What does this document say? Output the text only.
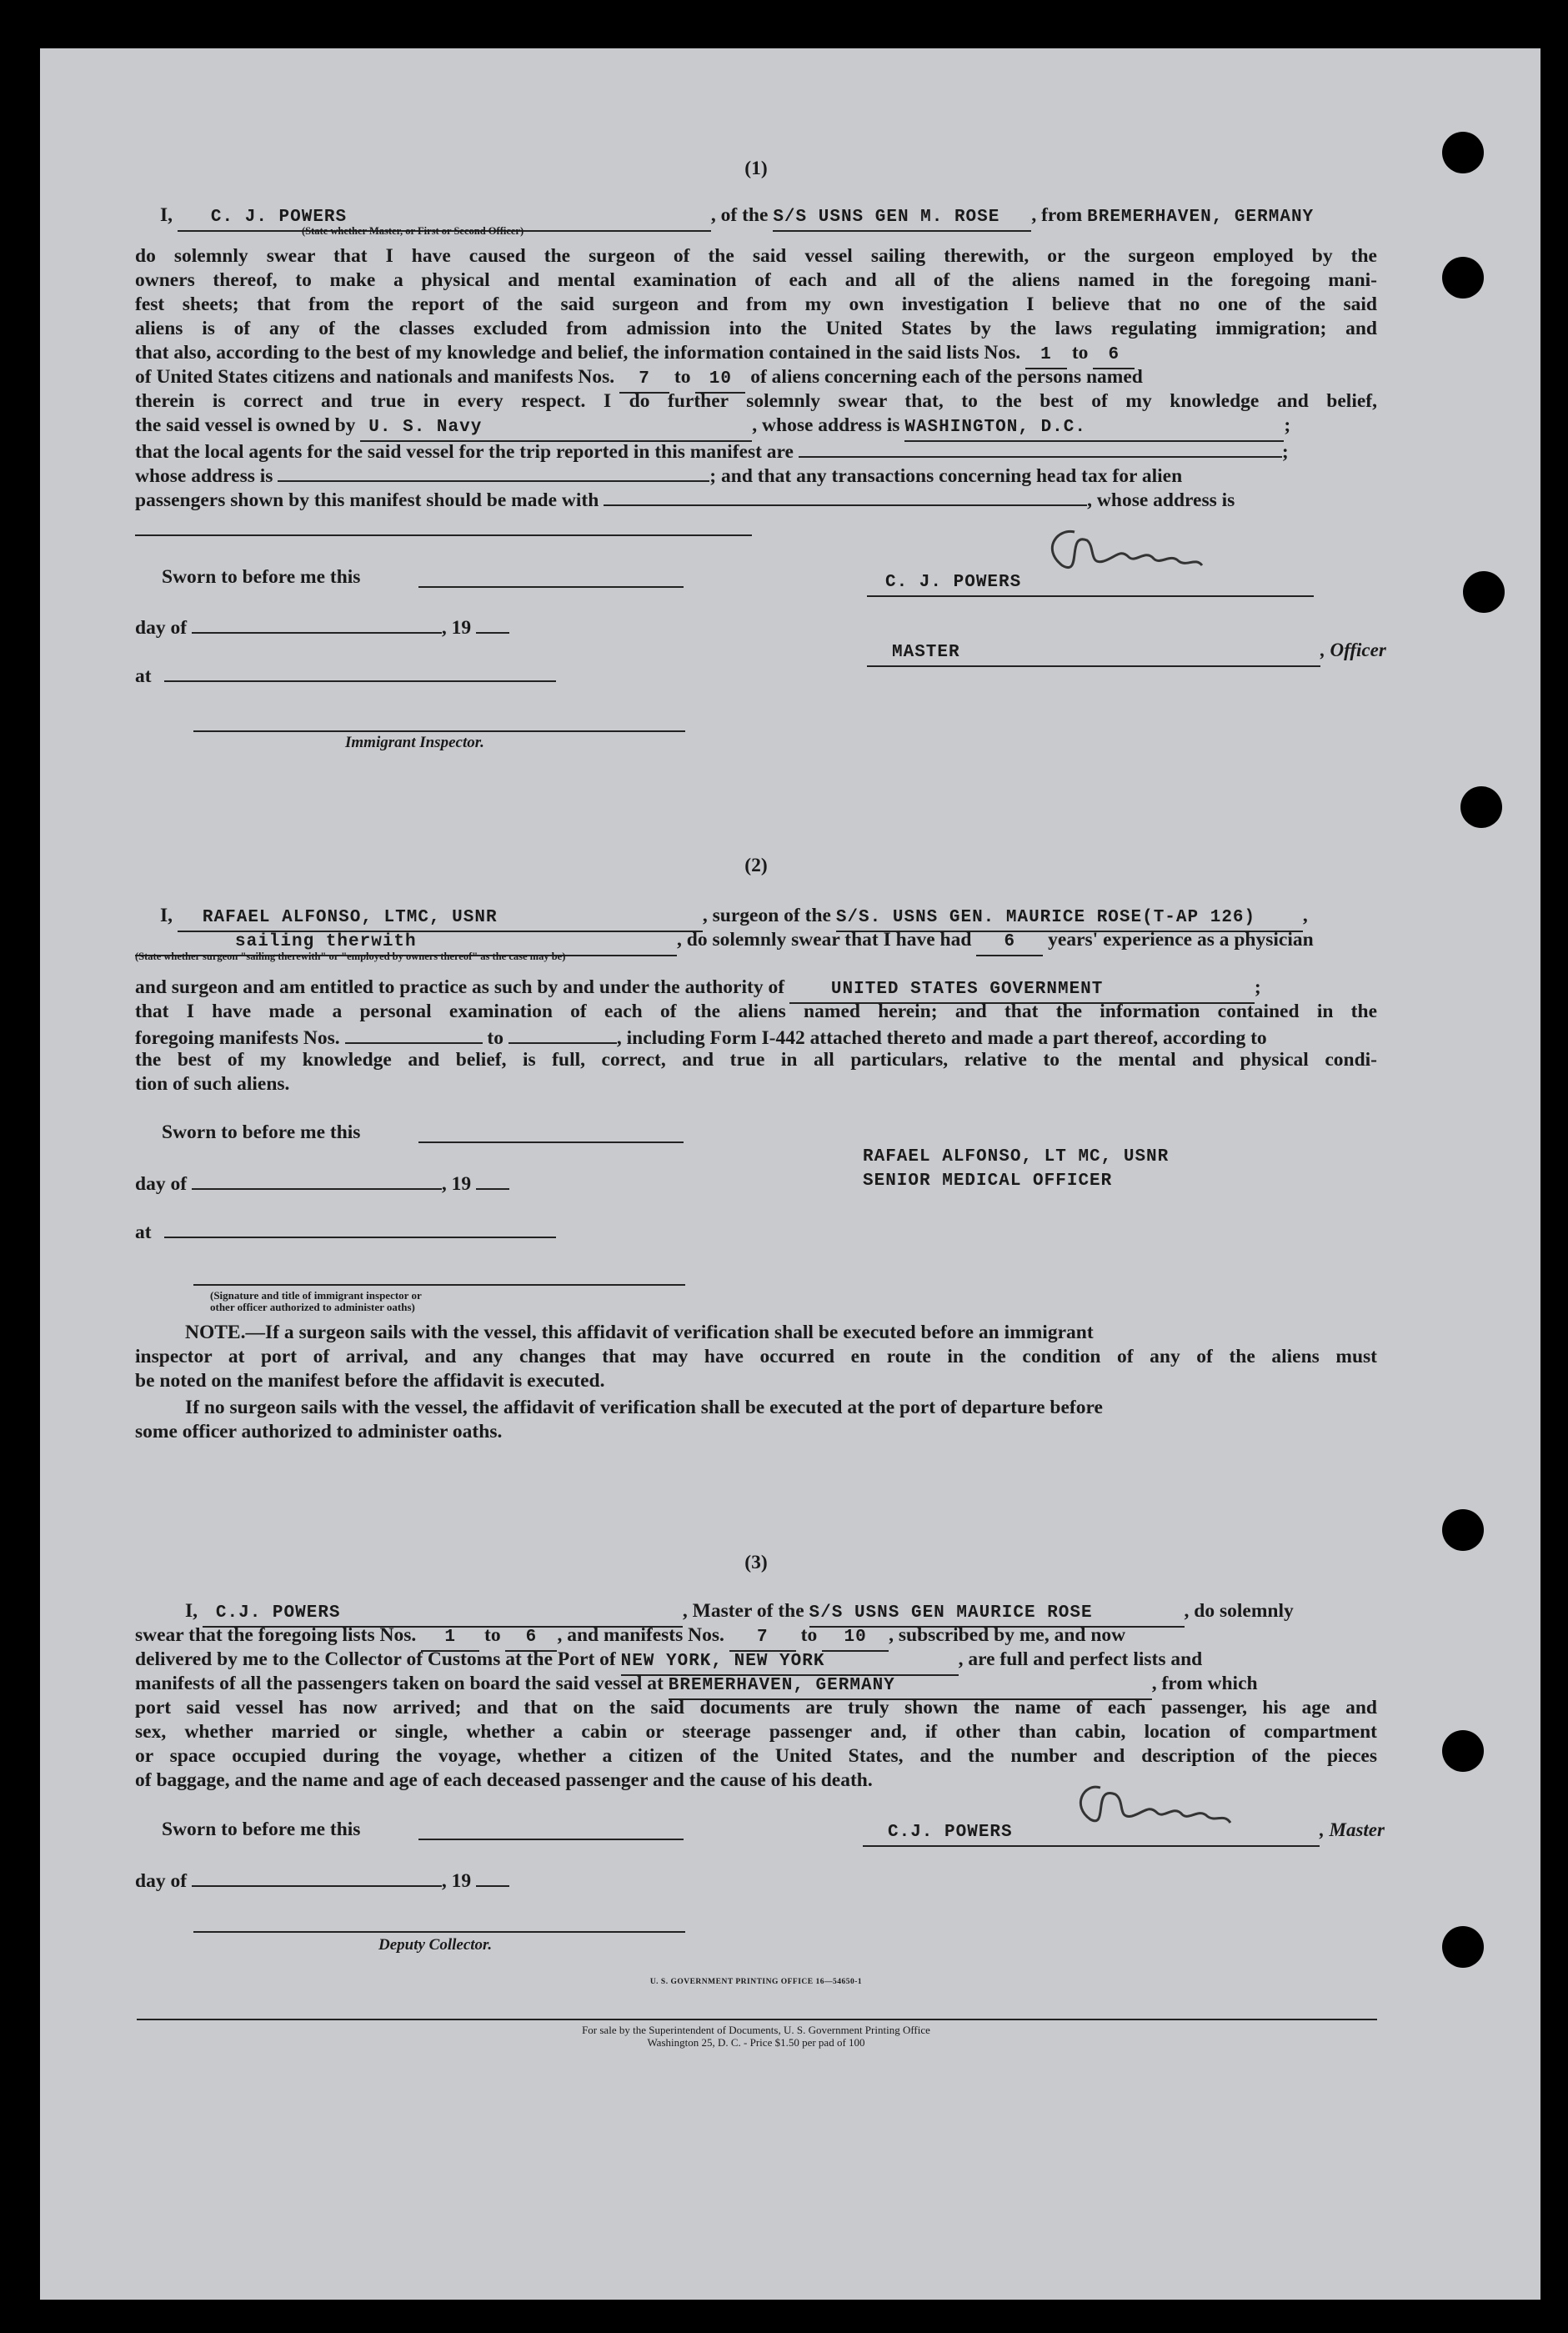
(1)
I, C. J. POWERS	, of the S/S USNS GEN M. ROSE , from BREMERHAVEN, GERMANY
(State whether Master, or First or Second Officer)
do solemnly swear that I have caused the surgeon of the said vessel sailing therewith, or the surgeon employed by the
owners thereof, to make a physical and mental examination of each and all of the aliens named in the foregoing mani-
fest sheets; that from the report of the said surgeon and from my own investigation I believe that no one of the said
aliens is of any of the classes excluded from admission into the United States by the laws regulating immigration; and
that also, according to the best of my knowledge and belief, the information contained in the said lists Nos. 1 to 6
of United States citizens and nationals and manifests Nos. 7 to 10 of aliens concerning each of the persons named
therein is correct and true in every respect. I do further solemnly swear that, to the best of my knowledge and belief,
the said vessel is owned by U. S. Navy	, whose address is WASHINGTON, D.C.	;
that the local agents for the said vessel for the trip reported in this manifest are	;
whose address is	; and that any transactions concerning head tax for alien
passengers shown by this manifest should be made with	, whose address is
Sworn to before me this
day of	, 19
at
Immigrant Inspector.
C. J. POWERS
MASTER	, Officer
(2)
I, RAFAEL ALFONSO, LTMC, USNR	, surgeon of the S/S. USNS GEN. MAURICE ROSE(T-AP 126) ,
sailing therwith	, do solemnly swear that I have had 6 years' experience as a physician
(State whether surgeon "sailing therewith" or "employed by owners thereof" as the case may be)
and surgeon and am entitled to practice as such by and under the authority of	UNITED STATES GOVERNMENT	;
that I have made a personal examination of each of the aliens named herein; and that the information contained in the
foregoing manifests Nos.	to	, including Form I-442 attached thereto and made a part thereof, according to
the best of my knowledge and belief, is full, correct, and true in all particulars, relative to the mental and physical condi-
tion of such aliens.
Sworn to before me this
day of	, 19
at
(Signature and title of immigrant inspector or
other officer authorized to administer oaths)
RAFAEL ALFONSO, LT MC, USNR
SENIOR MEDICAL OFFICER
NOTE.—If a surgeon sails with the vessel, this affidavit of verification shall be executed before an immigrant
inspector at port of arrival, and any changes that may have occurred en route in the condition of any of the aliens must
be noted on the manifest before the affidavit is executed.
If no surgeon sails with the vessel, the affidavit of verification shall be executed at the port of departure before
some officer authorized to administer oaths.
(3)
I, C.J. POWERS	, Master of the S/S USNS GEN MAURICE ROSE	, do solemnly
swear that the foregoing lists Nos. 1 to 6 , and manifests Nos. 7 to 10 , subscribed by me, and now
delivered by me to the Collector of Customs at the Port of NEW YORK, NEW YORK	, are full and perfect lists and
manifests of all the passengers taken on board the said vessel at BREMERHAVEN, GERMANY	, from which
port said vessel has now arrived; and that on the said documents are truly shown the name of each passenger, his age and
sex, whether married or single, whether a cabin or steerage passenger and, if other than cabin, location of compartment
or space occupied during the voyage, whether a citizen of the United States, and the number and description of the pieces
of baggage, and the name and age of each deceased passenger and the cause of his death.
Sworn to before me this
day of	, 19
Deputy Collector.
C.J. POWERS	, Master
U. S. GOVERNMENT PRINTING OFFICE 16—54650-1
For sale by the Superintendent of Documents, U. S. Government Printing Office
Washington 25, D. C. - Price $1.50 per pad of 100
